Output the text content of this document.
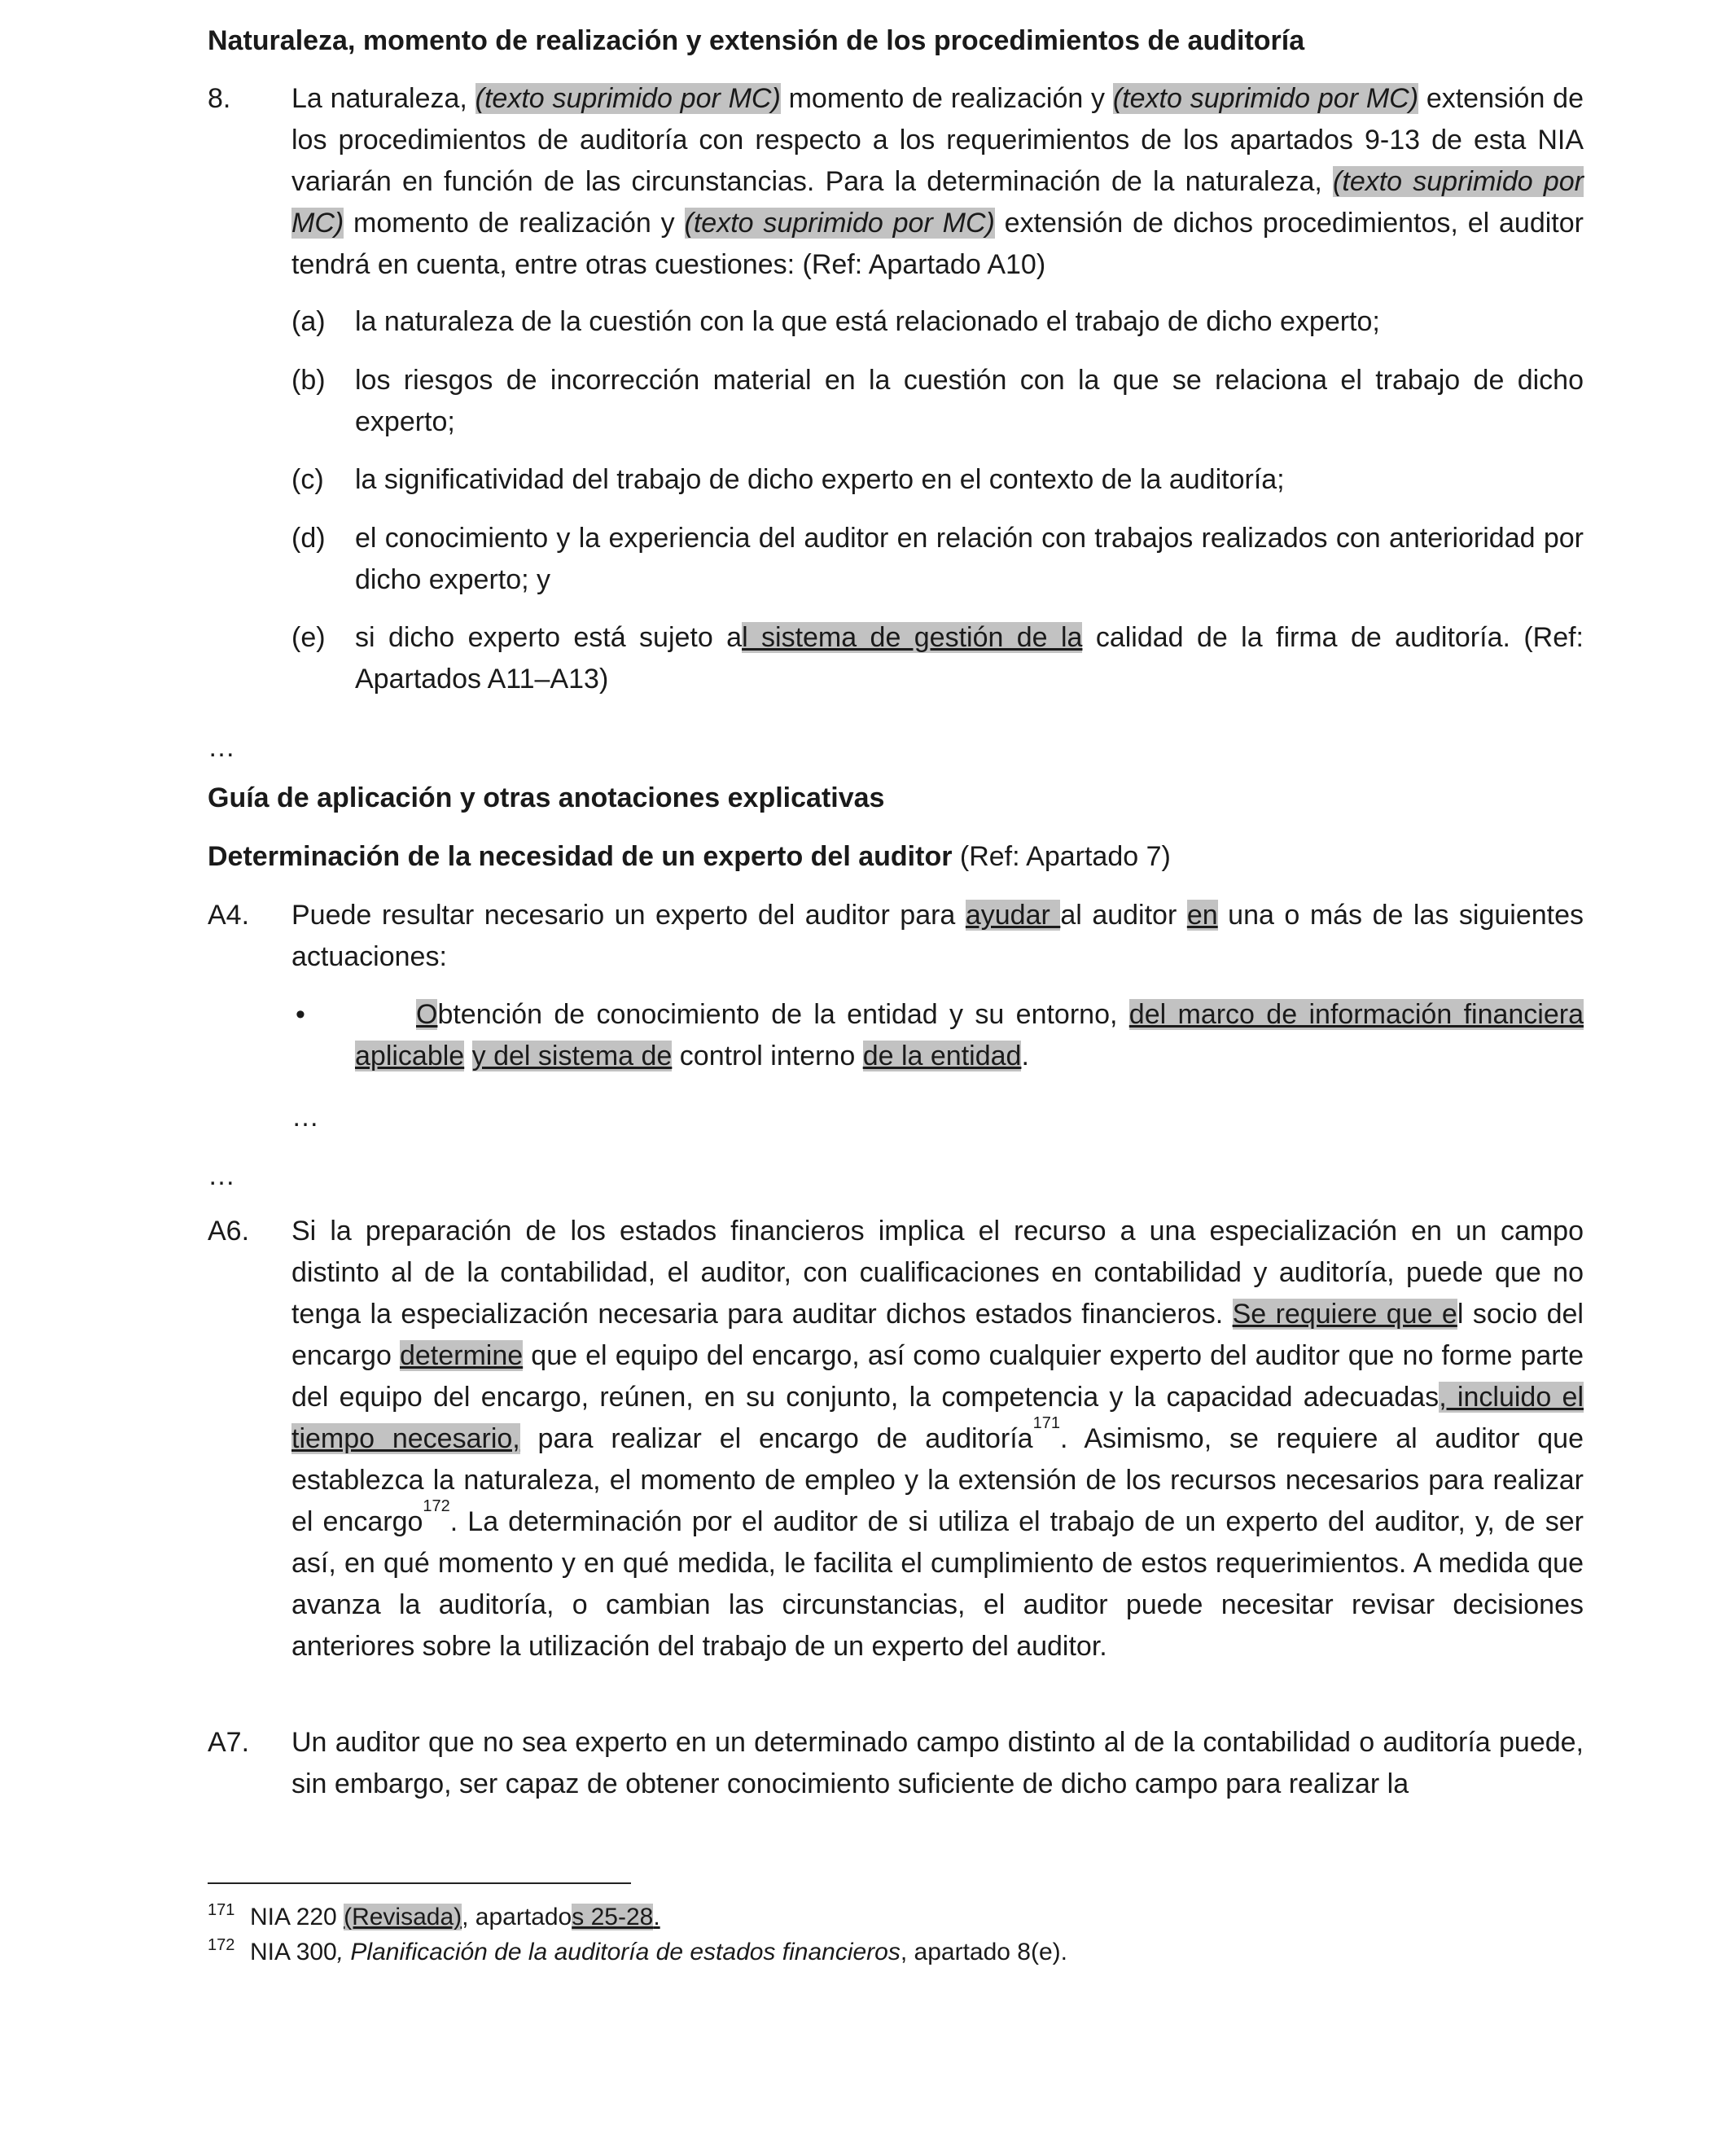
Naturaleza, momento de realización y extensión de los procedimientos de auditoría
8. La naturaleza, (texto suprimido por MC) momento de realización y (texto suprimido por MC) extensión de los procedimientos de auditoría con respecto a los requerimientos de los apartados 9-13 de esta NIA variarán en función de las circunstancias. Para la determinación de la naturaleza, (texto suprimido por MC) momento de realización y (texto suprimido por MC) extensión de dichos procedimientos, el auditor tendrá en cuenta, entre otras cuestiones: (Ref: Apartado A10)
(a) la naturaleza de la cuestión con la que está relacionado el trabajo de dicho experto;
(b) los riesgos de incorrección material en la cuestión con la que se relaciona el trabajo de dicho experto;
(c) la significatividad del trabajo de dicho experto en el contexto de la auditoría;
(d) el conocimiento y la experiencia del auditor en relación con trabajos realizados con anterioridad por dicho experto; y
(e) si dicho experto está sujeto al sistema de gestión de la calidad de la firma de auditoría. (Ref: Apartados A11–A13)
…
Guía de aplicación y otras anotaciones explicativas
Determinación de la necesidad de un experto del auditor (Ref: Apartado 7)
A4. Puede resultar necesario un experto del auditor para ayudar al auditor en una o más de las siguientes actuaciones:
•	Obtención de conocimiento de la entidad y su entorno, del marco de información financiera aplicable y del sistema de control interno de la entidad.
…
…
A6. Si la preparación de los estados financieros implica el recurso a una especialización en un campo distinto al de la contabilidad, el auditor, con cualificaciones en contabilidad y auditoría, puede que no tenga la especialización necesaria para auditar dichos estados financieros. Se requiere que el socio del encargo determine que el equipo del encargo, así como cualquier experto del auditor que no forme parte del equipo del encargo, reúnen, en su conjunto, la competencia y la capacidad adecuadas, incluido el tiempo necesario, para realizar el encargo de auditoría$^{171}$. Asimismo, se requiere al auditor que establezca la naturaleza, el momento de empleo y la extensión de los recursos necesarios para realizar el encargo$^{172}$. La determinación por el auditor de si utiliza el trabajo de un experto del auditor, y, de ser así, en qué momento y en qué medida, le facilita el cumplimiento de estos requerimientos. A medida que avanza la auditoría, o cambian las circunstancias, el auditor puede necesitar revisar decisiones anteriores sobre la utilización del trabajo de un experto del auditor.
A7. Un auditor que no sea experto en un determinado campo distinto al de la contabilidad o auditoría puede, sin embargo, ser capaz de obtener conocimiento suficiente de dicho campo para realizar la
171 NIA 220 (Revisada), apartados 25-28.
172 NIA 300, Planificación de la auditoría de estados financieros, apartado 8(e).
